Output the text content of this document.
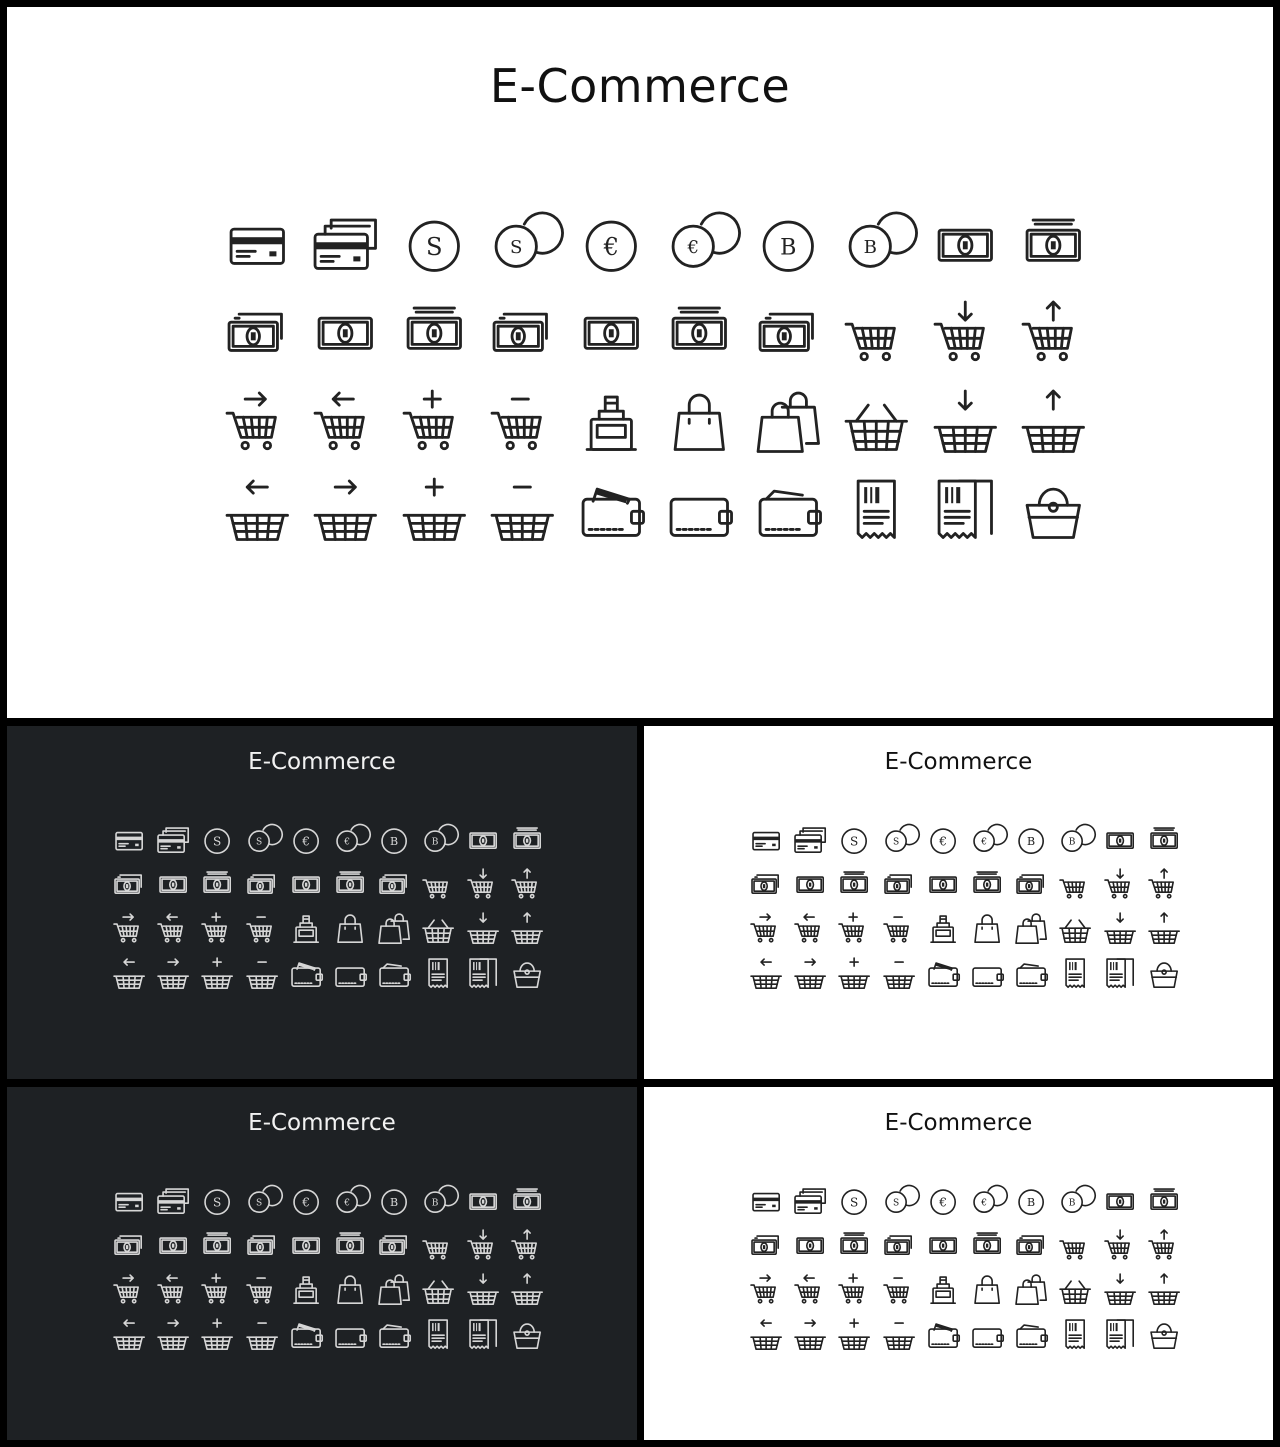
E-Commerce
S	S	€	€	B	B
E-Commerce
S	S	€	€	B	B
E-Commerce
S	S	€	€	B	B
E-Commerce
S	S	€	€	B	B
E-Commerce
S	S	€	€	B	B
